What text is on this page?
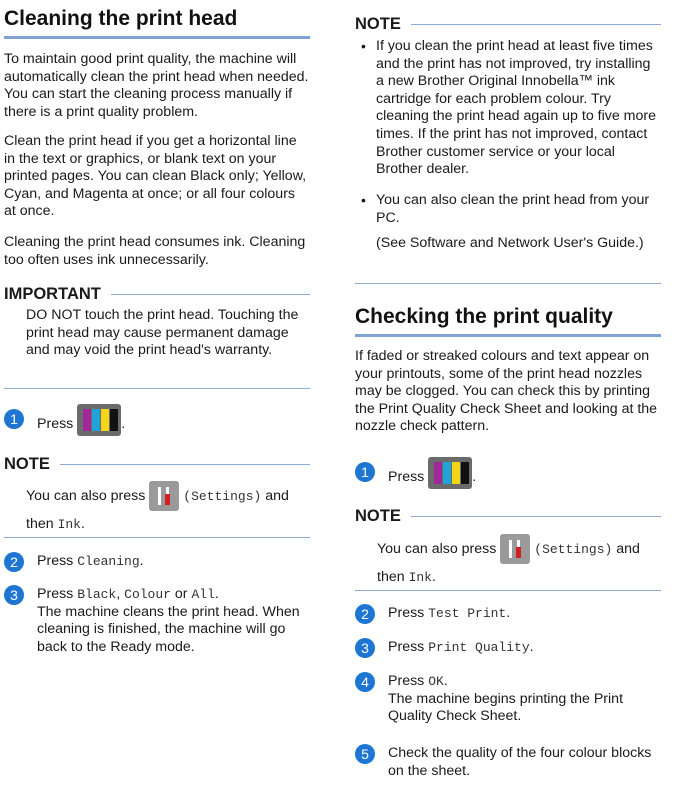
Cleaning the print head

To maintain good print quality, the machine will automatically clean the print head when needed. You can start the cleaning process manually if there is a print quality problem.

Clean the print head if you get a horizontal line in the text or graphics, or blank text on your printed pages. You can clean Black only; Yellow, Cyan, and Magenta at once; or all four colours at once.

Cleaning the print head consumes ink. Cleaning too often uses ink unnecessarily.

IMPORTANT

DO NOT touch the print head. Touching the print head may cause permanent damage and may void the print head's warranty.

1	Press	.
NOTE
You can also press	(Settings) and
then Ink.
2	Press Cleaning.
3	Press Black, Colour or All.
The machine cleans the print head. When cleaning is finished, the machine will go back to the Ready mode.
NOTE
• If you clean the print head at least five times and the print has not improved, try installing a new Brother Original Innobella™ ink cartridge for each problem colour. Try cleaning the print head again up to five more times. If the print has not improved, contact Brother customer service or your local Brother dealer.

• You can also clean the print head from your PC.

(See Software and Network User's Guide.)

Checking the print quality

If faded or streaked colours and text appear on your printouts, some of the print head nozzles may be clogged. You can check this by printing the Print Quality Check Sheet and looking at the nozzle check pattern.

1	Press	.
NOTE
You can also press	(Settings) and
then Ink.
2	Press Test Print.
3	Press Print Quality.
4	Press OK.
The machine begins printing the Print Quality Check Sheet.
5	Check the quality of the four colour blocks on the sheet.
